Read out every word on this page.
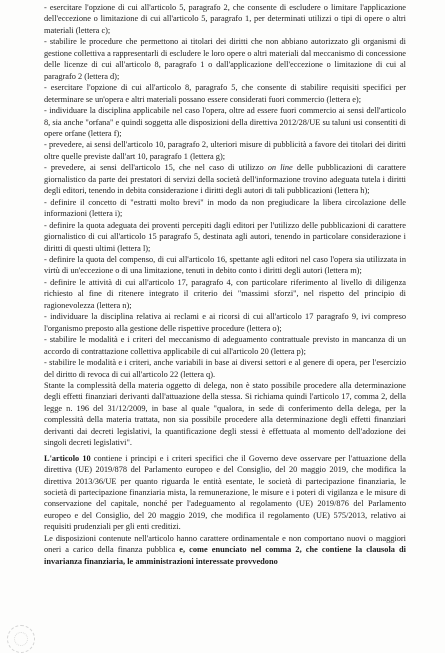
- esercitare l'opzione di cui all'articolo 5, paragrafo 2, che consente di escludere o limitare l'applicazione dell'eccezione o limitazione di cui all'articolo 5, paragrafo 1, per determinati utilizzi o tipi di opere o altri materiali (lettera c);

- stabilire le procedure che permettono ai titolari dei diritti che non abbiano autorizzato gli organismi di gestione collettiva a rappresentarli di escludere le loro opere o altri materiali dal meccanismo di concessione delle licenze di cui all'articolo 8, paragrafo 1 o dall'applicazione dell'eccezione o limitazione di cui al paragrafo 2 (lettera d);

- esercitare l'opzione di cui all'articolo 8, paragrafo 5, che consente di stabilire requisiti specifici per determinare se un'opera e altri materiali possano essere considerati fuori commercio (lettera e);

- individuare la disciplina applicabile nel caso l'opera, oltre ad essere fuori commercio ai sensi dell'articolo 8, sia anche "orfana" e quindi soggetta alle disposizioni della direttiva 2012/28/UE su taluni usi consentiti di opere orfane (lettera f);

- prevedere, ai sensi dell'articolo 10, paragrafo 2, ulteriori misure di pubblicità a favore dei titolari dei diritti oltre quelle previste dall'art 10, paragrafo 1 (lettera g);

- prevedere, ai sensi dell'articolo 15, che nel caso di utilizzo on line delle pubblicazioni di carattere giornalistico da parte dei prestatori di servizi della società dell'informazione trovino adeguata tutela i diritti degli editori, tenendo in debita considerazione i diritti degli autori di tali pubblicazioni (lettera h);

- definire il concetto di "estratti molto brevi" in modo da non pregiudicare la libera circolazione delle informazioni (lettera i);

- definire la quota adeguata dei proventi percepiti dagli editori per l'utilizzo delle pubblicazioni di carattere giornalistico di cui all'articolo 15 paragrafo 5, destinata agli autori, tenendo in particolare considerazione i diritti di questi ultimi (lettera l);

- definire la quota del compenso, di cui all'articolo 16, spettante agli editori nel caso l'opera sia utilizzata in virtù di un'eccezione o di una limitazione, tenuti in debito conto i diritti degli autori (lettera m);

- definire le attività di cui all'articolo 17, paragrafo 4, con particolare riferimento al livello di diligenza richiesto al fine di ritenere integrato il criterio dei "massimi sforzi", nel rispetto del principio di ragionevolezza (lettera n);

- individuare la disciplina relativa ai reclami e ai ricorsi di cui all'articolo 17 paragrafo 9, ivi compreso l'organismo preposto alla gestione delle rispettive procedure (lettera o);

- stabilire le modalità e i criteri del meccanismo di adeguamento contrattuale previsto in mancanza di un accordo di contrattazione collettiva applicabile di cui all'articolo 20 (lettera p);

- stabilire le modalità e i criteri, anche variabili in base ai diversi settori e al genere di opera, per l'esercizio del diritto di revoca di cui all'articolo 22 (lettera q).

Stante la complessità della materia oggetto di delega, non è stato possibile procedere alla determinazione degli effetti finanziari derivanti dall'attuazione della stessa. Si richiama quindi l'articolo 17, comma 2, della legge n. 196 del 31/12/2009, in base al quale "qualora, in sede di conferimento della delega, per la complessità della materia trattata, non sia possibile procedere alla determinazione degli effetti finanziari derivanti dai decreti legislativi, la quantificazione degli stessi è effettuata al momento dell'adozione dei singoli decreti legislativi".

L'articolo 10 contiene i principi e i criteri specifici che il Governo deve osservare per l'attuazione della direttiva (UE) 2019/878 del Parlamento europeo e del Consiglio, del 20 maggio 2019, che modifica la direttiva 2013/36/UE per quanto riguarda le entità esentate, le società di partecipazione finanziaria, le società di partecipazione finanziaria mista, la remunerazione, le misure e i poteri di vigilanza e le misure di conservazione del capitale, nonché per l'adeguamento al regolamento (UE) 2019/876 del Parlamento europeo e del Consiglio, del 20 maggio 2019, che modifica il regolamento (UE) 575/2013, relativo ai requisiti prudenziali per gli enti creditizi.

Le disposizioni contenute nell'articolo hanno carattere ordinamentale e non comportano nuovi o maggiori oneri a carico della finanza pubblica e, come enunciato nel comma 2, che contiene la clausola di invarianza finanziaria, le amministrazioni interessate provvedono
